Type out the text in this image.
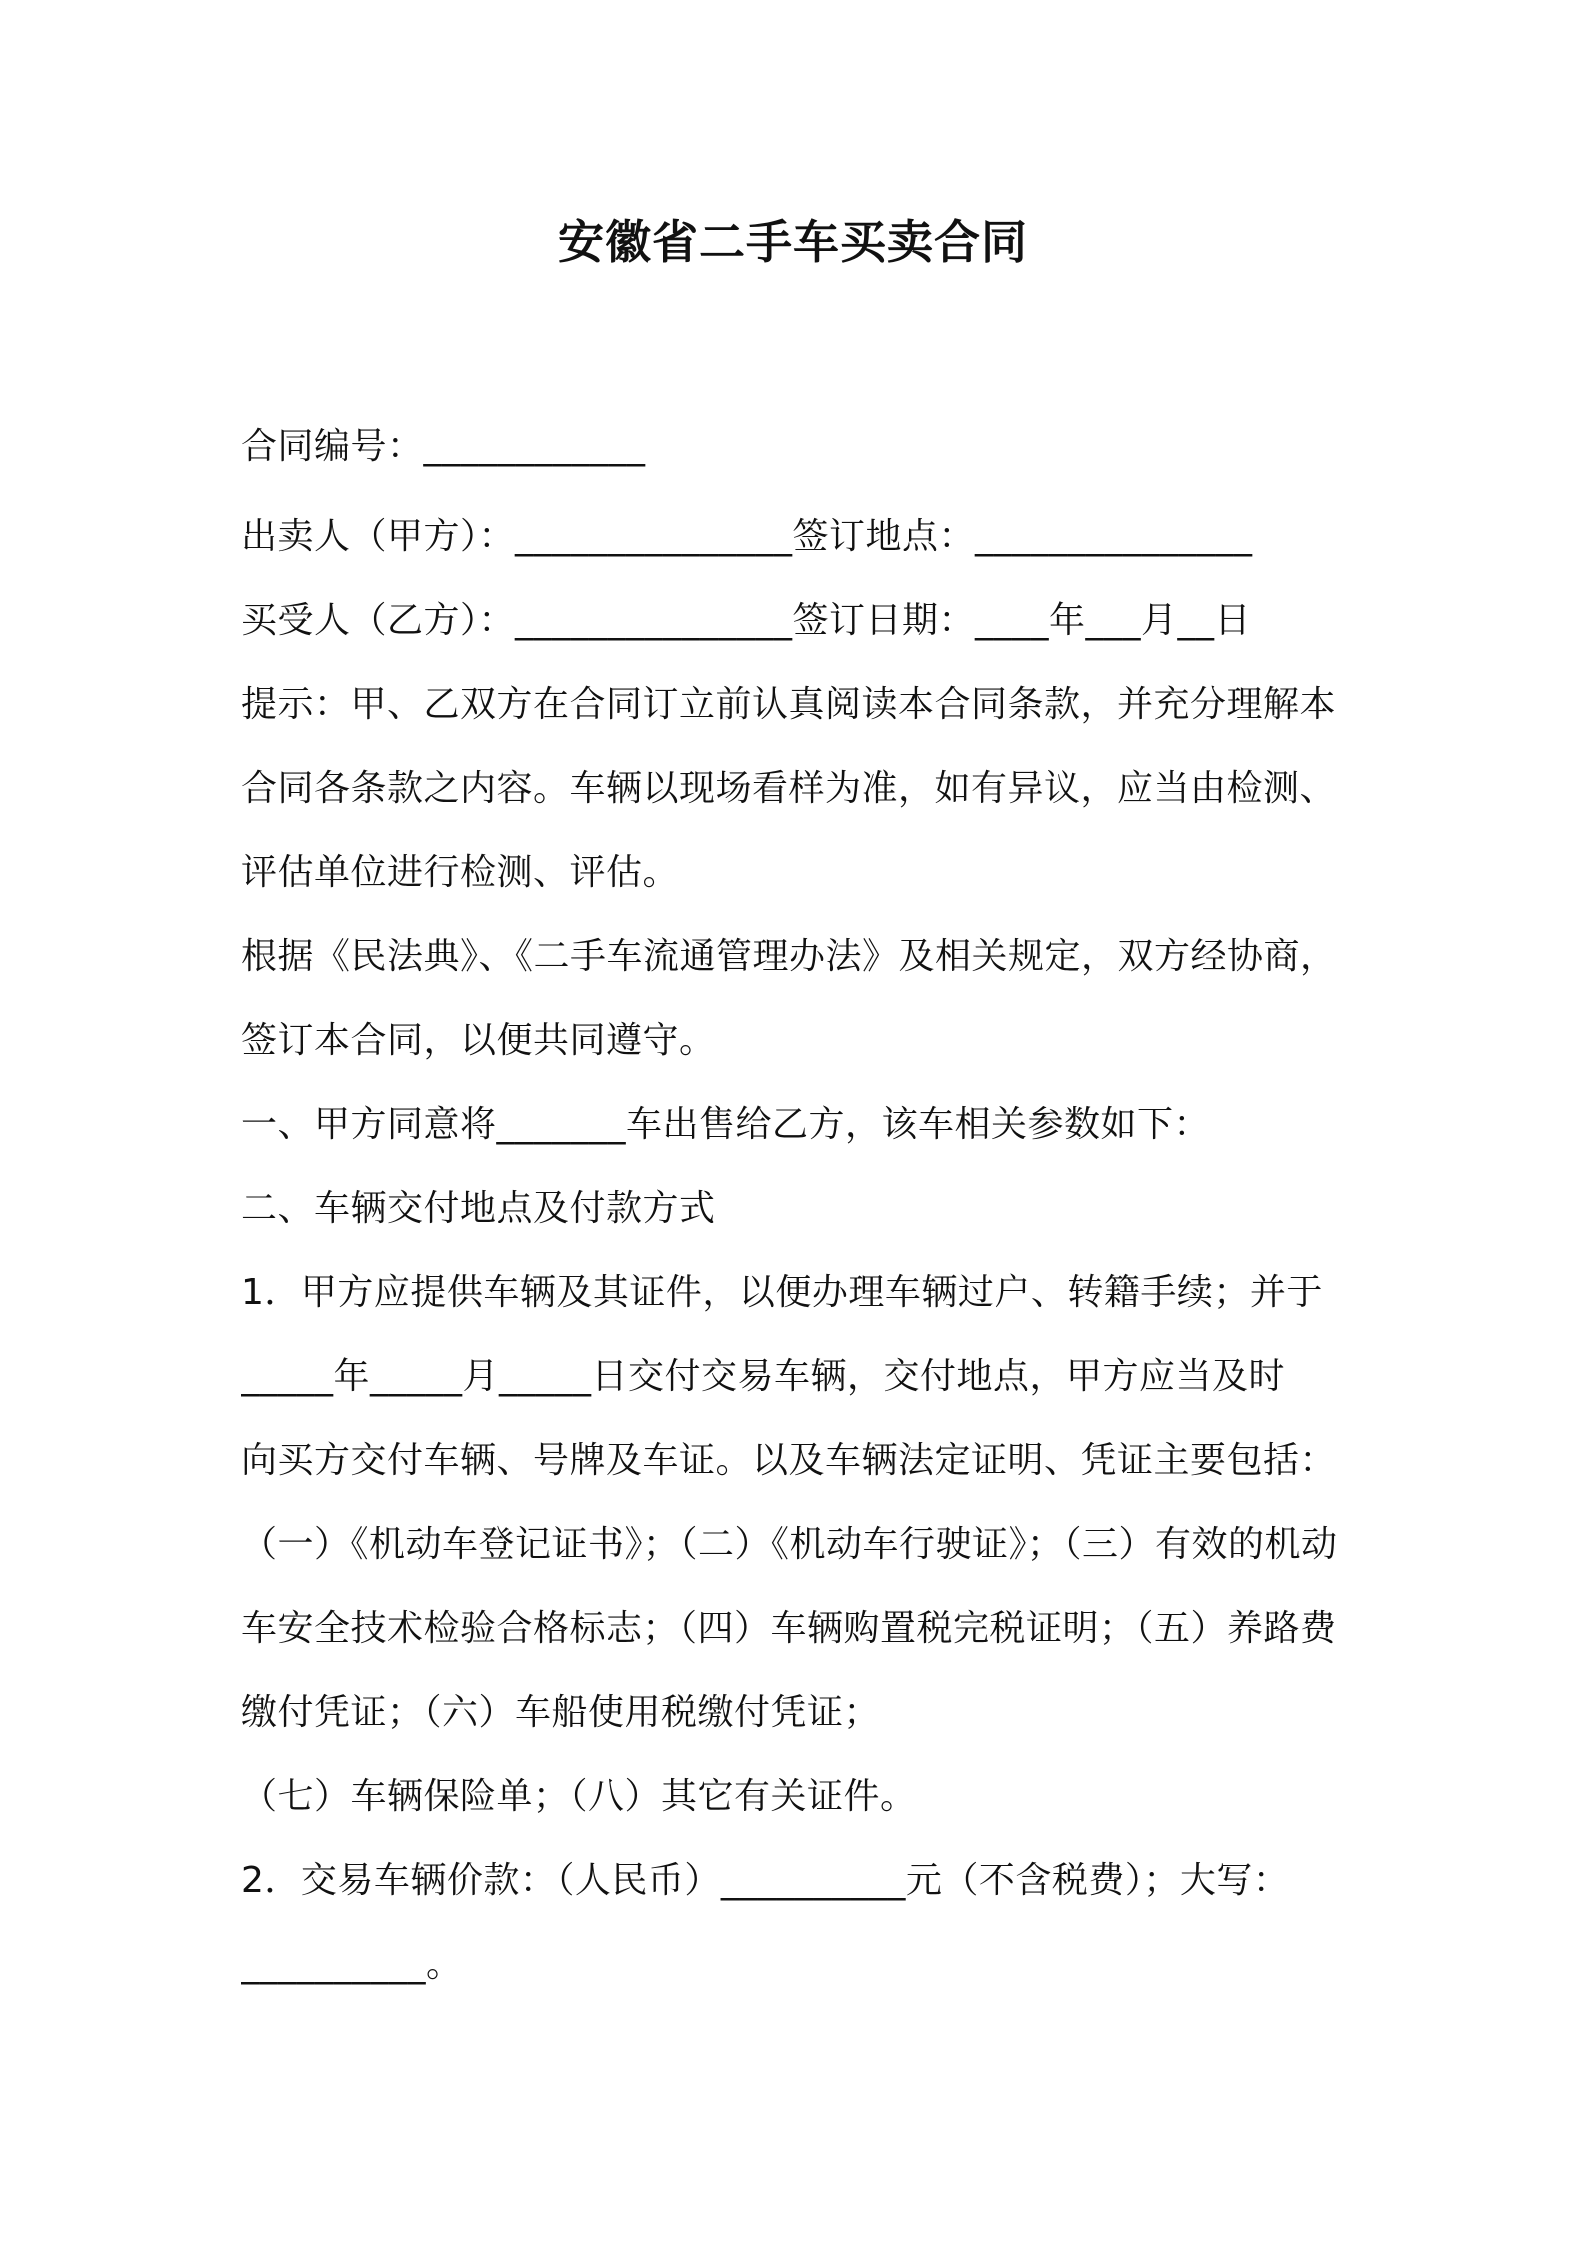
安徽省二手车买卖合同
合同编号：____________
出卖人（甲方）：_______________签订地点：_______________
买受人（乙方）：_______________签订日期：____年___月__日
提示：甲、乙双方在合同订立前认真阅读本合同条款，并充分理解本
合同各条款之内容。车辆以现场看样为准，如有异议，应当由检测、
评估单位进行检测、评估。
根据《民法典》、《二手车流通管理办法》及相关规定，双方经协商，
签订本合同，以便共同遵守。
一、甲方同意将_______车出售给乙方，该车相关参数如下：
二、车辆交付地点及付款方式
1．甲方应提供车辆及其证件，以便办理车辆过户、转籍手续；并于
_____年_____月_____日交付交易车辆，交付地点，甲方应当及时
向买方交付车辆、号牌及车证。以及车辆法定证明、凭证主要包括：
（一）《机动车登记证书》；（二）《机动车行驶证》；（三）有效的机动
车安全技术检验合格标志；（四）车辆购置税完税证明；（五）养路费
缴付凭证；（六）车船使用税缴付凭证；
（七）车辆保险单；（八）其它有关证件。
2．交易车辆价款：（人民币）__________元（不含税费）；大写：
__________。
